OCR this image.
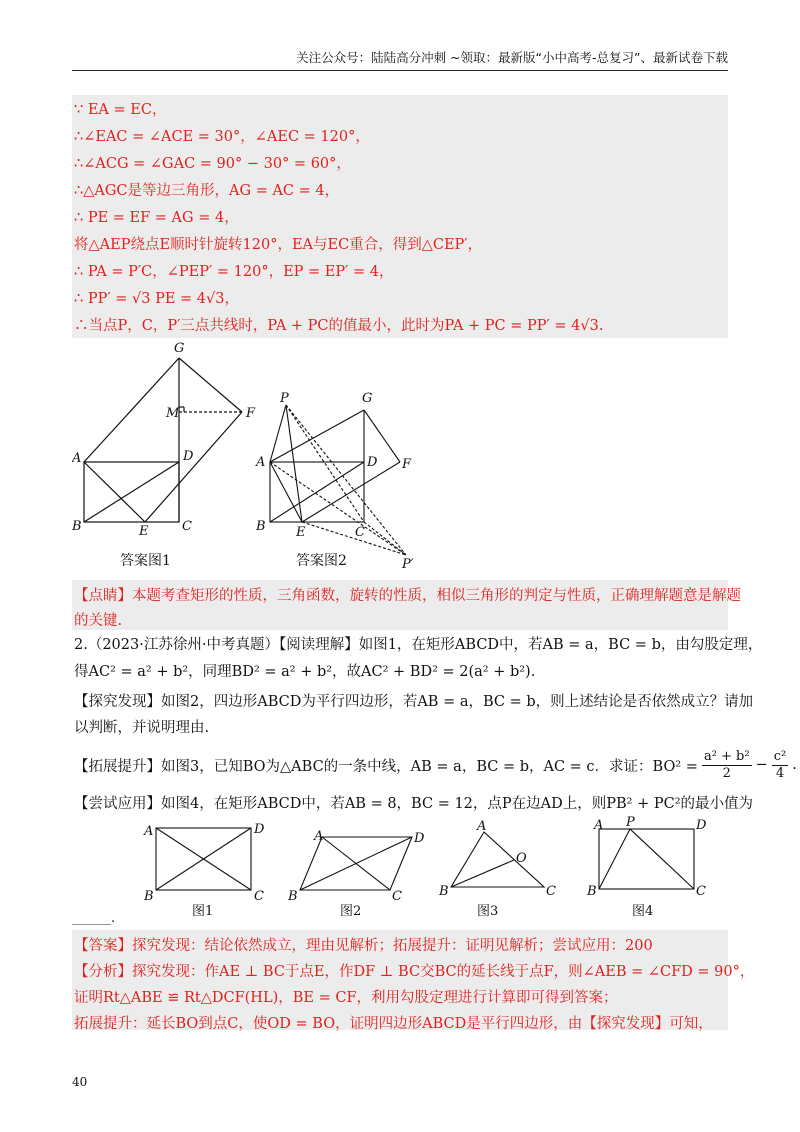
关注公众号：陆陆高分冲刺 ~领取：最新版“小中高考-总复习”、最新试卷下载
∵ EA = EC，
∴∠EAC = ∠ACE = 30°，∠AEC = 120°，
∴∠ACG = ∠GAC = 90° − 30° = 60°，
∴△AGC是等边三角形，AG = AC = 4，
∴ PE = EF = AG = 4，
将△AEP绕点E顺时针旋转120°，EA与EC重合，得到△CEP′，
∴ PA = P′C，∠PEP′ = 120°，EP = EP′ = 4，
∴ PP′ = √3 PE = 4√3，
∴当点P，C，P′三点共线时，PA + PC的值最小，此时为PA + PC = PP′ = 4√3.
G
M	F
A	D
B	E	C
答案图1
P	G
A	D F
B E	C
P′
答案图2
【点睛】本题考查矩形的性质，三角函数，旋转的性质，相似三角形的判定与性质，正确理解题意是解题
的关键.
2.（2023·江苏徐州·中考真题）【阅读理解】如图1，在矩形ABCD中，若AB = a，BC = b，由勾股定理，
得AC² = a² + b²，同理BD² = a² + b²，故AC² + BD² = 2(a² + b²).
【探究发现】如图2，四边形ABCD为平行四边形，若AB = a，BC = b，则上述结论是否依然成立？请加
以判断，并说明理由.
【拓展提升】如图3，已知BO为△ABC的一条中线，AB = a，BC = b，AC = c．求证：$BO^2 = \frac{\text{a² + b²}}{2} - \frac{\text{c²}}{4}$ .
【尝试应用】如图4，在矩形ABCD中，若AB = 8，BC = 12，点P在边AD上，则PB² + PC²的最小值为
A	D
B	C
A	D
B	C
A
O
B	C
A P	D
B	C
图1	图2	图3	图4
______.
【答案】探究发现：结论依然成立，理由见解析；拓展提升：证明见解析；尝试应用：200
【分析】探究发现：作AE ⊥ BC于点E，作DF ⊥ BC交BC的延长线于点F，则∠AEB = ∠CFD = 90°，
证明Rt△ABE ≌ Rt△DCF(HL)，BE = CF，利用勾股定理进行计算即可得到答案；
拓展提升：延长BO到点C，使OD = BO，证明四边形ABCD是平行四边形，由【探究发现】可知，
40
